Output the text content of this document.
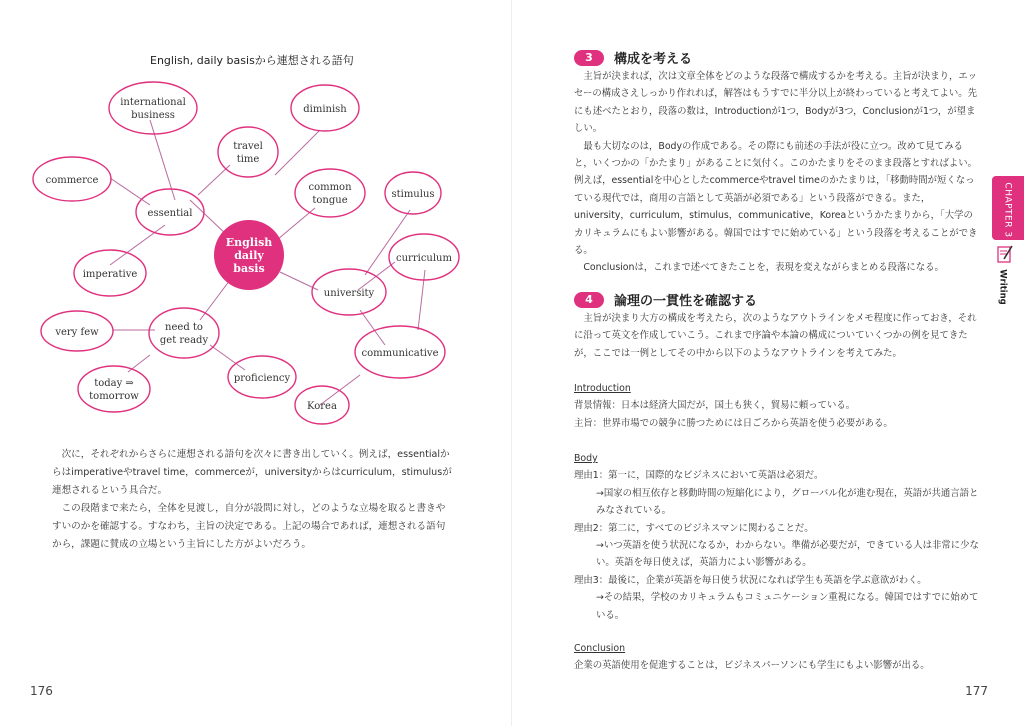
English, daily basisから連想される語句
English
daily
basis
international
business
diminish
travel
time
commerce
common
tongue
stimulus
essential
curriculum
imperative
university
very few	need to
get ready
communicative
proficiency
today ⇒
tomorrow
Korea

次に，それぞれからさらに連想される語句を次々に書き出していく。例えば，essentialからはimperativeやtravel time，commerceが，universityからはcurriculum，stimulusが連想されるという具合だ。

この段階まで来たら，全体を見渡し，自分が設問に対し，どのような立場を取ると書きやすいのかを確認する。すなわち，主旨の決定である。上記の場合であれば，連想される語句から，課題に賛成の立場という主旨にした方がよいだろう。

176
3	構成を考える

主旨が決まれば，次は文章全体をどのような段落で構成するかを考える。主旨が決まり，エッセーの構成さえしっかり作れれば，解答はもうすでに半分以上が終わっていると考えてよい。先にも述べたとおり，段落の数は，Introductionが1つ，Bodyが3つ，Conclusionが1つ，が望ましい。

最も大切なのは，Bodyの作成である。その際にも前述の手法が役に立つ。改めて見てみると，いくつかの「かたまり」があることに気付く。このかたまりをそのまま段落とすればよい。例えば，essentialを中心としたcommerceやtravel timeのかたまりは，「移動時間が短くなっている現代では，商用の言語として英語が必須である」という段落ができる。また，university，curriculum，stimulus，communicative，Koreaというかたまりから，「大学のカリキュラムにもよい影響がある。韓国ではすでに始めている」という段落を考えることができる。

Conclusionは，これまで述べてきたことを，表現を変えながらまとめる段落になる。

4	論理の一貫性を確認する

主旨が決まり大方の構成を考えたら，次のようなアウトラインをメモ程度に作っておき，それに沿って英文を作成していこう。これまで序論や本論の構成についていくつかの例を見てきたが，ここでは一例としてその中から以下のようなアウトラインを考えてみた。

Introduction
背景情報：日本は経済大国だが，国土も狭く，貿易に頼っている。
主旨：世界市場での競争に勝つためには日ごろから英語を使う必要がある。
Body
理由1：第一に，国際的なビジネスにおいて英語は必須だ。
→国家の相互依存と移動時間の短縮化により，グローバル化が進む現在，英語が共通言語とみなされている。
理由2：第二に，すべてのビジネスマンに関わることだ。
→いつ英語を使う状況になるか，わからない。準備が必要だが，できている人は非常に少ない。英語を毎日使えば，英語力によい影響がある。
理由3：最後に，企業が英語を毎日使う状況になれば学生も英語を学ぶ意欲がわく。
→その結果，学校のカリキュラムもコミュニケーション重視になる。韓国ではすでに始めている。
Conclusion
企業の英語使用を促進することは，ビジネスパーソンにも学生にもよい影響が出る。
177
CHAPTER 3
Writing
